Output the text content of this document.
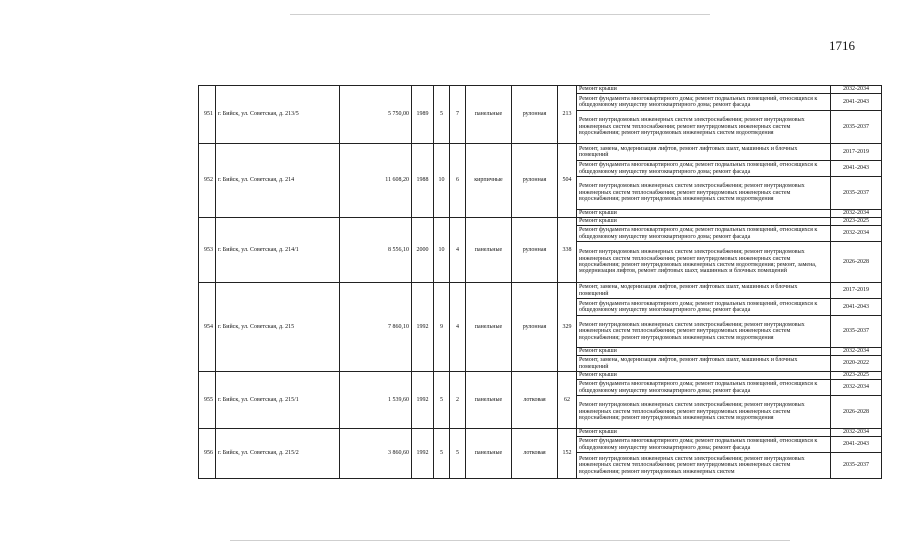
1716
951	г. Бийск, ул. Советская, д. 213/5	5 750,00	1989	5	7	панельные	рулонная	213	Ремонт крыши	2032-2034
									Ремонт фундамента многоквартирного дома; ремонт подвальных помещений, относящихся к общедомовому имуществу многоквартирного дома; ремонт фасада	2041-2043
									Ремонт внутридомовых инженерных систем электроснабжения; ремонт внутридомовых инженерных систем теплоснабжения; ремонт внутридомовых инженерных систем водоснабжения; ремонт внутридомовых инженерных систем водоотведения	2035-2037
952	г. Бийск, ул. Советская, д. 214	11 608,20	1988	10	6	кирпичные	рулонная	504	Ремонт, замена, модернизация лифтов, ремонт лифтовых шахт, машинных и блочных помещений	2017-2019
									Ремонт фундамента многоквартирного дома; ремонт подвальных помещений, относящихся к общедомовому имуществу многоквартирного дома; ремонт фасада	2041-2043
									Ремонт внутридомовых инженерных систем электроснабжения; ремонт внутридомовых инженерных систем теплоснабжения; ремонт внутридомовых инженерных систем водоснабжения; ремонт внутридомовых инженерных систем водоотведения	2035-2037
									Ремонт крыши	2032-2034
953	г. Бийск, ул. Советская, д. 214/1	8 556,10	2000	10	4	панельные	рулонная	338	Ремонт крыши	2023-2025
									Ремонт фундамента многоквартирного дома; ремонт подвальных помещений, относящихся к общедомовому имуществу многоквартирного дома; ремонт фасада	2032-2034
									Ремонт внутридомовых инженерных систем электроснабжения; ремонт внутридомовых инженерных систем теплоснабжения; ремонт внутридомовых инженерных систем водоснабжения; ремонт внутридомовых инженерных систем водоотведения; ремонт, замена, модернизация лифтов, ремонт лифтовых шахт, машинных и блочных помещений	2026-2028
954	г. Бийск, ул. Советская, д. 215	7 860,10	1992	9	4	панельные	рулонная	329	Ремонт, замена, модернизация лифтов, ремонт лифтовых шахт, машинных и блочных помещений	2017-2019
									Ремонт фундамента многоквартирного дома; ремонт подвальных помещений, относящихся к общедомовому имуществу многоквартирного дома; ремонт фасада	2041-2043
									Ремонт внутридомовых инженерных систем электроснабжения; ремонт внутридомовых инженерных систем теплоснабжения; ремонт внутридомовых инженерных систем водоснабжения; ремонт внутридомовых инженерных систем водоотведения	2035-2037
									Ремонт крыши	2032-2034
									Ремонт, замена, модернизация лифтов, ремонт лифтовых шахт, машинных и блочных помещений	2020-2022
955	г. Бийск, ул. Советская, д. 215/1	1 539,60	1992	5	2	панельные	лотковая	62	Ремонт крыши	2023-2025
									Ремонт фундамента многоквартирного дома; ремонт подвальных помещений, относящихся к общедомовому имуществу многоквартирного дома; ремонт фасада	2032-2034
									Ремонт внутридомовых инженерных систем электроснабжения; ремонт внутридомовых инженерных систем теплоснабжения; ремонт внутридомовых инженерных систем водоснабжения; ремонт внутридомовых инженерных систем водоотведения	2026-2028
956	г. Бийск, ул. Советская, д. 215/2	3 860,60	1992	5	5	панельные	лотковая	152	Ремонт крыши	2032-2034
									Ремонт фундамента многоквартирного дома; ремонт подвальных помещений, относящихся к общедомовому имуществу многоквартирного дома; ремонт фасада	2041-2043
									Ремонт внутридомовых инженерных систем электроснабжения; ремонт внутридомовых инженерных систем теплоснабжения; ремонт внутридомовых инженерных систем водоснабжения; ремонт внутридомовых инженерных систем	2035-2037
